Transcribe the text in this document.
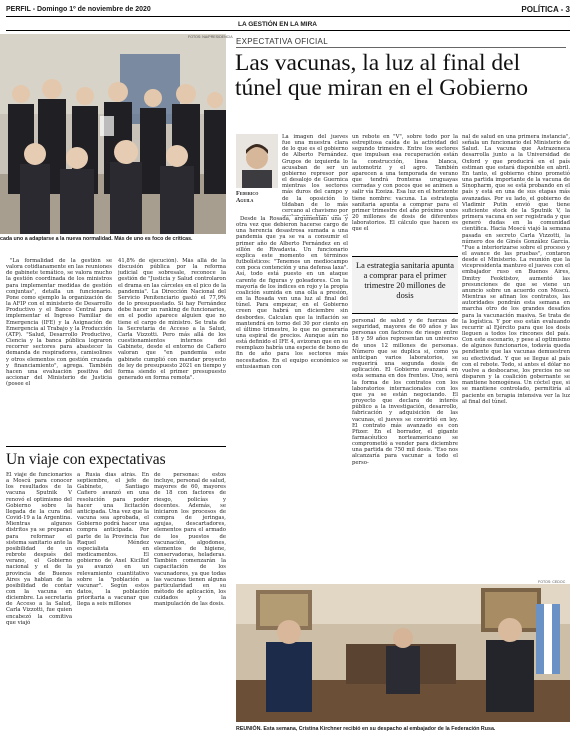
PERFIL - Domingo 1º de noviembre de 2020
LA GESTIÓN EN LA MIRA
POLÍTICA - 3
FOTOS: NA/PRESIDENCIA
cada uno a adaptarse a la nueva normalidad. Más de uno es foco de críticas.
EXPECTATIVA OFICIAL
Las vacunas, la luz al final del túnel que miran en el Gobierno
Federico
Aguila

La imagen del jueves fue una muestra clara de lo que es el gobierno de Alberto Fernández. Grupos de izquierda lo acusaban de ser un gobierno represor por el desalojo de Guernica mientras los sectores más duros del campo y de la oposición lo tildaban de lo más cercano al chavismo por

Desde la Rosada, argumentan una y otra vez que debieron hacerse cargo de una herencia desastrosa sumada a una pandemia que ya se va a consumir el primer año de Alberto Fernández en el sillón de Rivadavia. Un funcionario explica este momento en términos futbolísticos: "Tenemos un mediocampo con poca contención y una defensa laxa". Así, todo está puesto en un ataque carente de figuras y goleadores. Con la mayoría de los índices en rojo y la propia coalición sumida en una olla a presión, en la Rosada ven una luz al final del túnel. Para empezar, en el Gobierno creen que habrá un diciembre sin desbordes. Calculan que la inflación se mantendrá en torno del 30 por ciento en el último trimestre, lo que no generaría una espiral de precios. Aunque aún no está definido el IFE 4, avizoran que en su reemplazo habría una especie de bono de fin de año para los sectores más necesitados. En el equipo económico se entusiasman con

un rebote en "V", sobre todo por la estrepitosa caída de la actividad del segundo trimestre. Entre los sectores que impulsan esa recuperación están la construcción, línea blanca, automotriz y el agro. También aparecen a una temporada de verano que tendrá fronteras uruguayas cerradas y con pocos que se animen a salir vía Ezeiza. Esa luz en el horizonte tiene nombre: vacuna. La estrategia sanitaria apunta a comprar para el primer trimestre del año próximo unos 20 millones de dosis de diferentes laboratorios. El cálculo que hacen es que el

La estrategia sanitaria apunta a comprar para el primer trimestre 20 millones de dosis

personal de salud y de fuerzas de seguridad, mayores de 60 años y las personas con factores de riesgo entre 18 y 59 años representan un universo de unos 12 millones de personas. Número que se duplica si, como ya anticipan varios laboratorios, se requerirá una segunda dosis de aplicación. El Gobierno avanzará en esta semana en dos frentes. Uno, será la forma de los contratos con los laboratorios internacionales con los que ya se están negociando. El proyecto que declara de interés público a la investigación, desarrollo, fabricación y adquisición de las vacunas, el jueves se convirtió en ley. El contrato más avanzado es con Pfizer. En el borrador, el gigante farmacéutico norteamericano se comprometió a vender para diciembre una partida de 750 mil dosis. "Eso nos alcanzaría para vacunar a todo el perso-

nal de salud en una primera instancia", señala un funcionario del Ministerio de Salud. La vacuna que Astrazeneca desarrolla junto a la Universidad de Oxford y que producirá en el país estiman que estará disponible en abril. En tanto, el gobierno chino prometió una partida importante de la vacuna de Sinopharm, que se está probando en el país y está en una de sus etapas más avanzadas. Por su lado, el gobierno de Vladimir Putin envió que tiene suficiente stock de la Sputnik V, la primera vacuna en ser registrada y que generó dudas en la comunidad científica. Hacia Moscú viajó la semana pasada en secreto Carla Vizzotti, la número dos de Ginés González García. "Fue a interiorizarse sobre el proceso y el avance de las pruebas", contaron desde el Ministerio. La reunión que la vicepresidenta mantuvo el jueves con el embajador ruso en Buenos Aires, Dmitry Feoktistov, aumentó las presunciones de que se viene un anuncio sobre un acuerdo con Moscú. Mientras se afinan los contratos, las autoridades pondrán esta semana en marcha otro de los grandes desafíos para la vacunación masiva. Se trata de la logística. Y por eso están evaluando recurrir al Ejército para que los dosis lleguen a todos los rincones del país. Con este escenario, y pese al optimismo de algunos funcionarios, todavía queda pendiente que las vacunas demuestren su efectividad. Y que se llegue al país con el rebote. Todo, si antes el dólar no vuelve a desbocarse, los precios no se disparen y la coalición gobernante se mantiene homogénea. Un cóctel que, si se mantiene controlado, permitiría al paciente en terapia intensiva ver la luz al final del túnel.

"La formalidad de la gestión se valora cotidianamente en las reuniones de gabinete temático, se valora mucho la gestión coordinada de los ministros para implementar medidas de gestión conjuntas", detalla un funcionario. Pone como ejemplo la organización de la AFIP con el ministerio de Desarrollo Productivo y el Banco Central para implementar el Ingreso Familiar de Emergencia (IFE) y la Asignación de Emergencia al Trabajo y la Producción (ATP). "Salud, Desarrollo Productivo, Ciencia y la banca pública lograron recorrer sectores para abastecer la demanda de respiradores, camisolines y otros elementos con gestión cruzada y financiamiento", agrega. También hacen una evaluación positiva del accionar del Ministerio de Justicia (posee el

41,8% de ejecución). Más allá de la discusión pública por la reforma judicial que sobresale, reconoce la gestión de "Justicia y Salud controlaron el drama en las cárceles en el pico de la pandemia". La Dirección Nacional del Servicio Penitenciario gastó el 77,9% de lo presupuestado. Si hay Fernández debe hacer un ranking de funcionarios, en el podio aparece alguien que no tiene el cargo de ministro. Se trata de la Secretaria de Acceso a la Salud, Carla Vizzotti. Pero más allá de los cuestionamientos internos del Gabinete, desde el entorno de Cafiero valoran que "en pandemia este gabinete cumplió con mandar proyecto de ley de presupuesto 2021 en tiempo y forma siendo el primer presupuesto generado en forma remota".

Un viaje con expectativas

El viaje de funcionarios a Moscú para conocer los resultados de la vacuna Sputnik V renovó el optimismo del Gobierno sobre la llegada de la cura del Covid-19 a la Argentina. Mientras algunos distritos ya se preparan para reformar el sistema sanitario ante la posibilidad de un rebrote después del verano, el Gobierno nacional y el de la provincia de Buenos Aires ya hablan de la posibilidad de contar con la vacuna en diciembre. La secretaria de Acceso a la Salud, Carla Vizzotti, fue quien encabezó la comitiva que viajó

a Rusia días atrás. En septiembre, el jefe de Gabinete, Santiago Cafiero avanzó en una resolución para poder hacer una licitación anticipada. Una vez que la vacuna sea aprobada, el Gobierno podrá hacer una compra anticipada. Por parte de la Provincia fue Raquel Méndez especialista en medicamentos. El gobierno de Axel Kicillof ya avanzó en un relevamiento cuantitativo sobre la "población a vacunar". Según estos datos, la población prioritaria a vacunar que llega a seis millones

de personas: estos incluye, personal de salud, mayores de 60, mayores de 18 con factores de riesgo, policías y docentes. Además, se iniciaron los procesos de compra de jeringas, agujas, descartadores, elementos para el armado de los puestos de vacunación, algodones, elementos de higiene, conservadoras, heladeras. También comenzarán la capacitación de los vacunadores, ya que todas las vacunas tienen alguna particularidad en su método de aplicación, los cuidados y la manipulación de las dosis.

FOTOS: CEDOC
REUNIÓN. Esta semana, Cristina Kirchner recibió en su despacho al embajador de la Federación Rusa.
